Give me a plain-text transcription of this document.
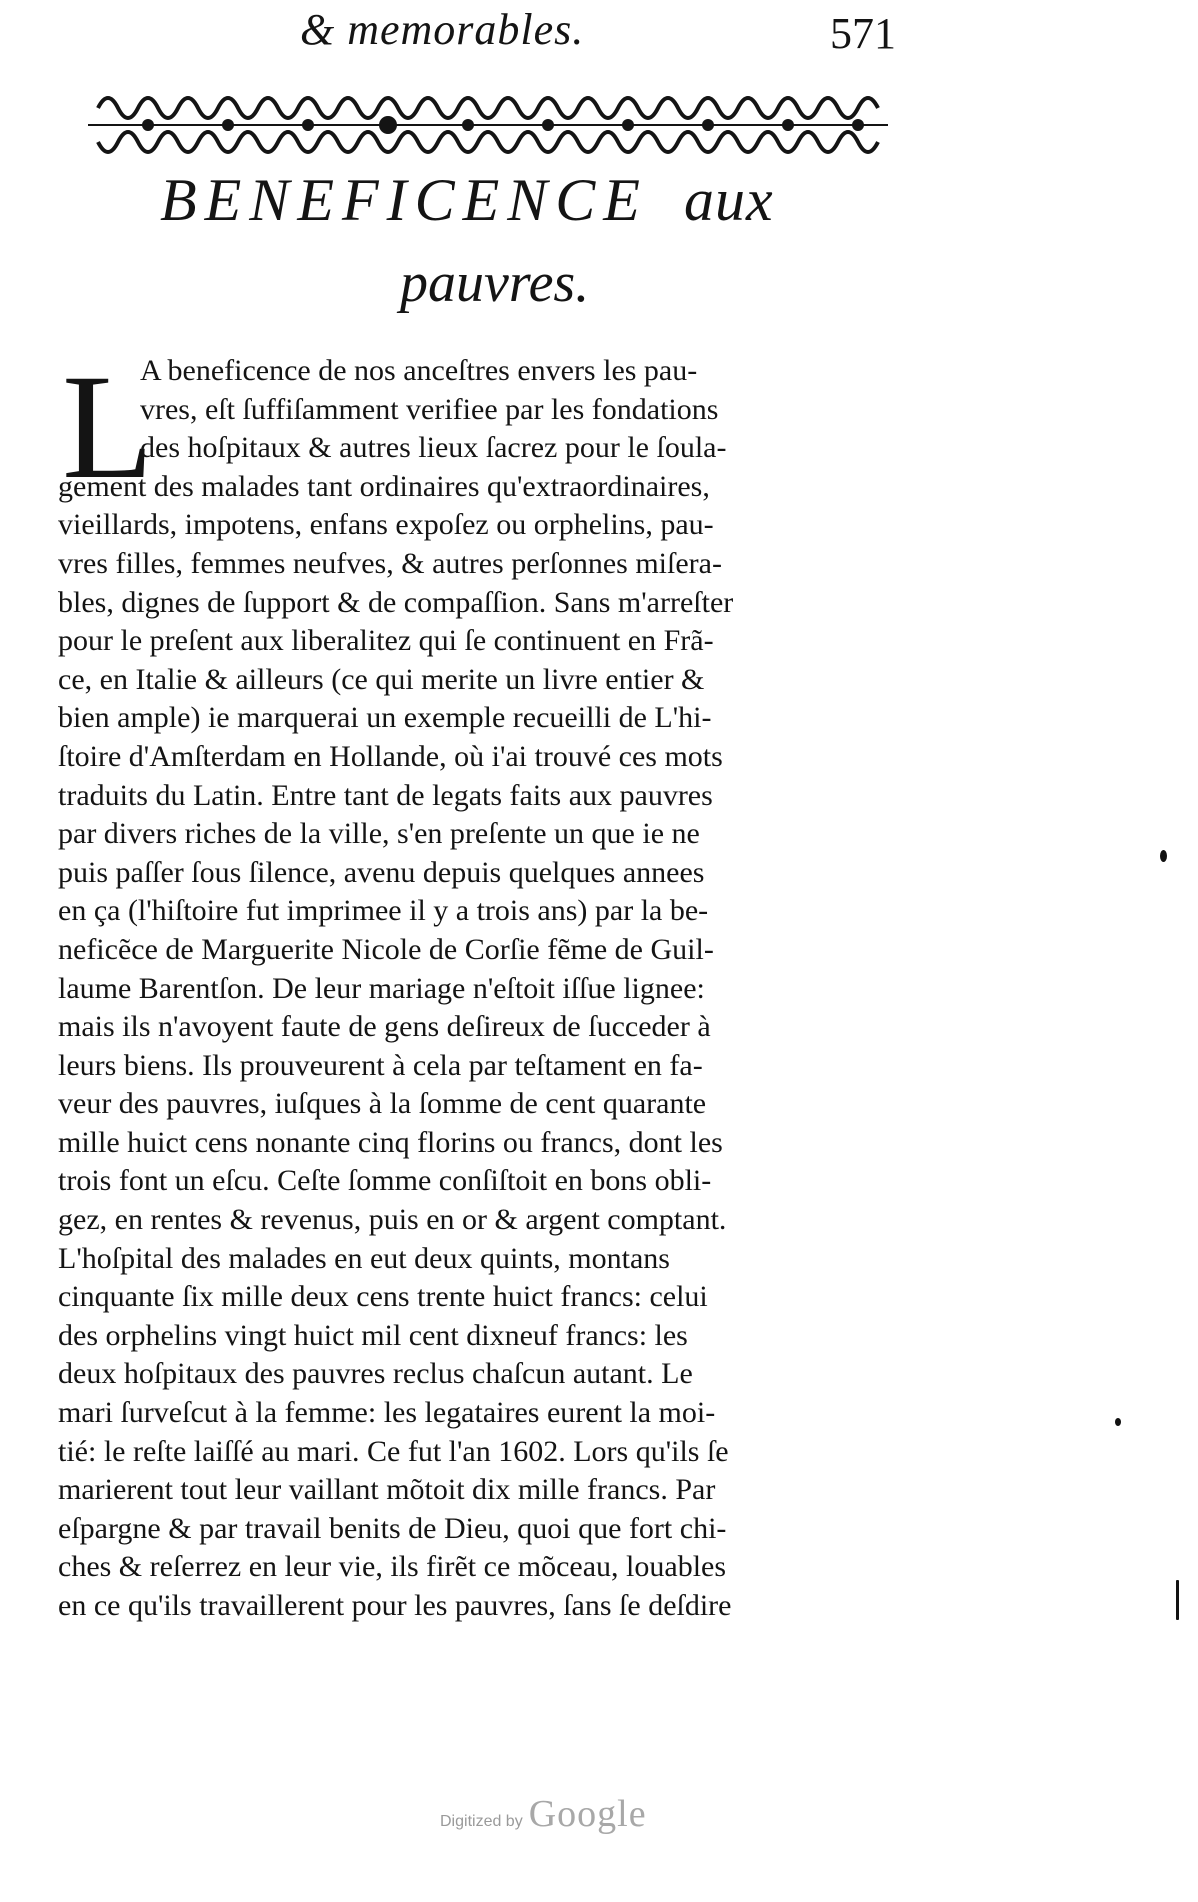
& memorables.	571
BENEFICENCE aux
pauvres.
L
A beneficence de nos anceſtres envers les pau-
vres, eſt ſuffiſamment verifiee par les fondations
des hoſpitaux & autres lieux ſacrez pour le ſoula-
gement des malades tant ordinaires qu'extraordinaires,
vieillards, impotens, enfans expoſez ou orphelins, pau-
vres filles, femmes neufves, & autres perſonnes miſera-
bles, dignes de ſupport & de compaſſion. Sans m'arreſter
pour le preſent aux liberalitez qui ſe continuent en Frã-
ce, en Italie & ailleurs (ce qui merite un livre entier &
bien ample) ie marquerai un exemple recueilli de L'hi-
ſtoire d'Amſterdam en Hollande, où i'ai trouvé ces mots
traduits du Latin. Entre tant de legats faits aux pauvres
par divers riches de la ville, s'en preſente un que ie ne
puis paſſer ſous ſilence, avenu depuis quelques annees
en ça (l'hiſtoire fut imprimee il y a trois ans) par la be-
neficẽce de Marguerite Nicole de Corſie fẽme de Guil-
laume Barentſon. De leur mariage n'eſtoit iſſue lignee:
mais ils n'avoyent faute de gens deſireux de ſucceder à
leurs biens. Ils prouveurent à cela par teſtament en fa-
veur des pauvres, iuſques à la ſomme de cent quarante
mille huict cens nonante cinq florins ou francs, dont les
trois font un eſcu. Ceſte ſomme conſiſtoit en bons obli-
gez, en rentes & revenus, puis en or & argent comptant.
L'hoſpital des malades en eut deux quints, montans
cinquante ſix mille deux cens trente huict francs: celui
des orphelins vingt huict mil cent dixneuf francs: les
deux hoſpitaux des pauvres reclus chaſcun autant. Le
mari ſurveſcut à la femme: les legataires eurent la moi-
tié: le reſte laiſſé au mari. Ce fut l'an 1602. Lors qu'ils ſe
marierent tout leur vaillant mõtoit dix mille francs. Par
eſpargne & par travail benits de Dieu, quoi que fort chi-
ches & reſerrez en leur vie, ils firẽt ce mõceau, louables
en ce qu'ils travaillerent pour les pauvres, ſans ſe deſdire
Digitized by Google
